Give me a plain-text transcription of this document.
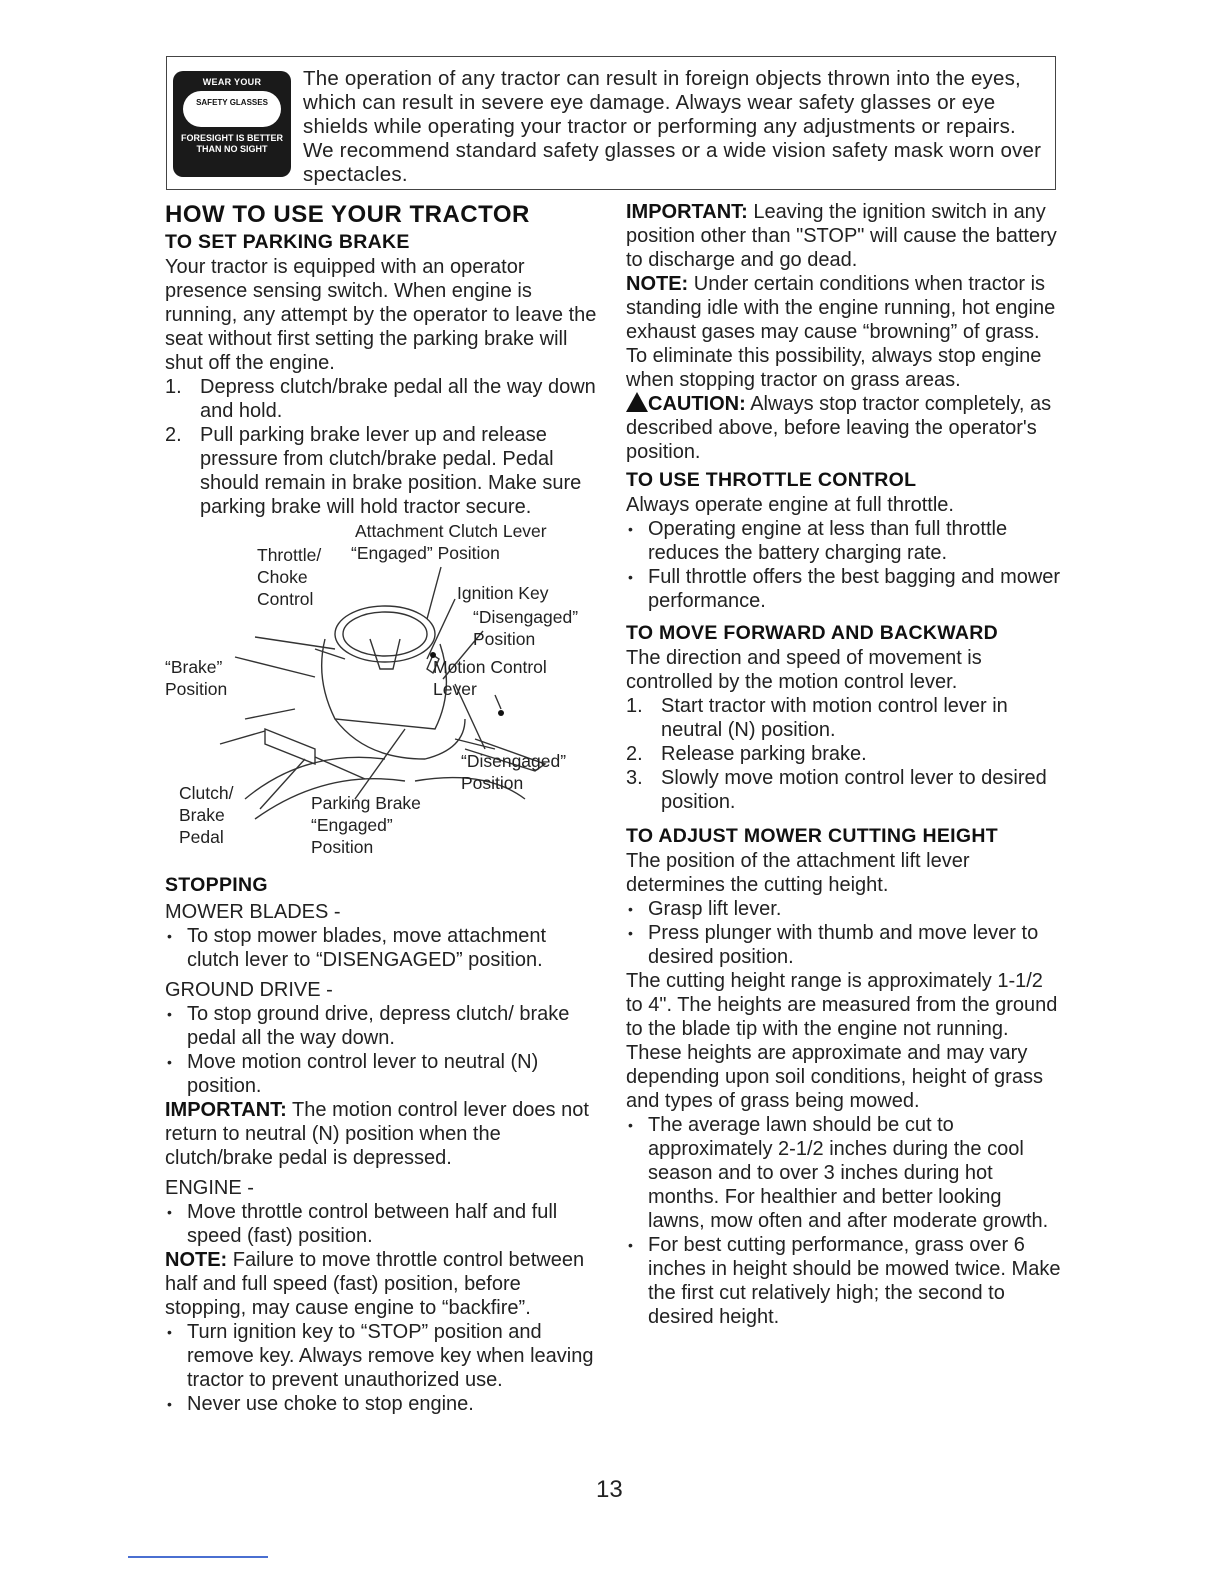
WEAR YOUR
SAFETY GLASSES
FORESIGHT IS BETTER THAN NO SIGHT
The operation of any tractor can result in foreign objects thrown into the eyes, which can result in severe eye damage. Always wear safety glasses or eye shields while operating your tractor or performing any adjustments or repairs. We recommend standard safety glasses or a wide vision safety mask worn over spectacles.
HOW TO USE YOUR TRACTOR
TO SET PARKING BRAKE

Your tractor is equipped with an operator presence sensing switch. When engine is running, any attempt by the operator to leave the seat without first setting the parking brake will shut off the engine.

1. Depress clutch/brake pedal all the way down and hold.
2. Pull parking brake lever up and release pressure from clutch/brake pedal. Pedal should remain in brake position. Make sure parking brake will hold tractor secure.
Attachment Clutch Lever
“Engaged” Position
Throttle/
Choke
Control	Ignition Key
“Disengaged”
Position
“Brake”
Position
Motion Control
Lever
“Disengaged”
Position
Clutch/
Brake
Pedal
Parking Brake
“Engaged”
Position
STOPPING
MOWER BLADES -
• To stop mower blades, move attachment clutch lever to “DISENGAGED” position.
GROUND DRIVE -
• To stop ground drive, depress clutch/ brake pedal all the way down.
• Move motion control lever to neutral (N) position.

IMPORTANT: The motion control lever does not return to neutral (N) position when the clutch/brake pedal is depressed.

ENGINE -
• Move throttle control between half and full speed (fast) position.

NOTE: Failure to move throttle control between half and full speed (fast) position, before stopping, may cause engine to “backfire”.

• Turn ignition key to “STOP” position and remove key. Always remove key when leaving tractor to prevent unauthorized use.
• Never use choke to stop engine.

IMPORTANT: Leaving the ignition switch in any position other than "STOP" will cause the battery to discharge and go dead.

NOTE: Under certain conditions when tractor is standing idle with the engine running, hot engine exhaust gases may cause “browning” of grass. To eliminate this possibility, always stop engine when stopping tractor on grass areas.

CAUTION: Always stop tractor completely, as described above, before leaving the operator's position.

TO USE THROTTLE CONTROL

Always operate engine at full throttle.

• Operating engine at less than full throttle reduces the battery charging rate.
• Full throttle offers the best bagging and mower performance.
TO MOVE FORWARD AND BACKWARD

The direction and speed of movement is controlled by the motion control lever.

1. Start tractor with motion control lever in neutral (N) position.
2. Release parking brake.
3. Slowly move motion control lever to desired position.
TO ADJUST MOWER CUTTING HEIGHT

The position of the attachment lift lever determines the cutting height.

• Grasp lift lever.
• Press plunger with thumb and move lever to desired position.

The cutting height range is approximately 1-1/2 to 4". The heights are measured from the ground to the blade tip with the engine not running. These heights are approximate and may vary depending upon soil conditions, height of grass and types of grass being mowed.

• The average lawn should be cut to approximately 2-1/2 inches during the cool season and to over 3 inches during hot months. For healthier and better looking lawns, mow often and after moderate growth.
• For best cutting performance, grass over 6 inches in height should be mowed twice. Make the first cut relatively high; the second to desired height.
13
